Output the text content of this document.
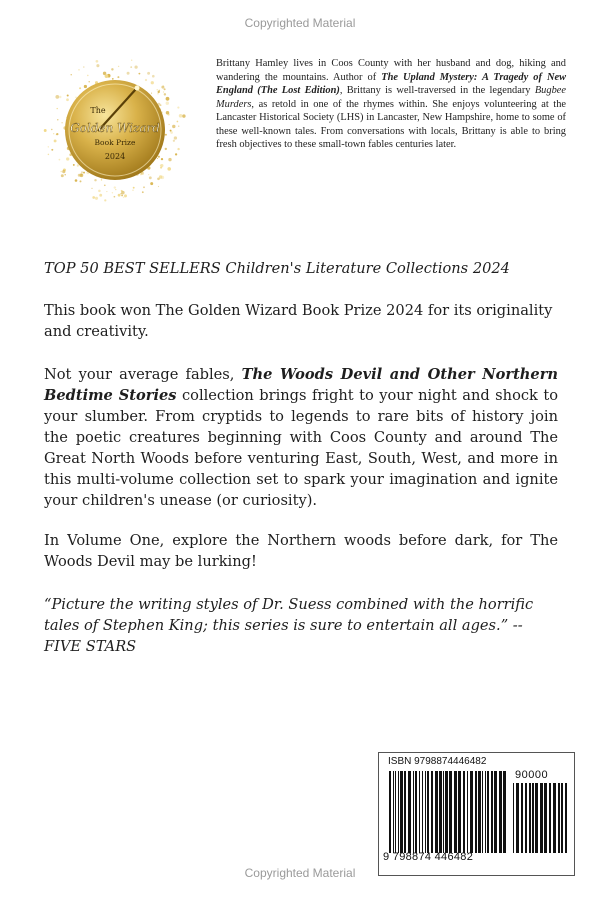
Copyrighted Material
The
Golden Wizard
Book Prize
2024
Brittany Hamley lives in Coos County with her husband and dog, hiking and wandering the mountains. Author of The Upland Mystery: A Tragedy of New England (The Lost Edition), Brittany is well-traversed in the legendary Bugbee Murders, as retold in one of the rhymes within. She enjoys volunteering at the Lancaster Historical Society (LHS) in Lancaster, New Hampshire, home to some of these well-known tales. From conversations with locals, Brittany is able to bring fresh objectives to these small-town fables centuries later.
TOP 50 BEST SELLERS Children's Literature Collections 2024
This book won The Golden Wizard Book Prize 2024 for its originality and creativity.
Not your average fables, The Woods Devil and Other Northern Bedtime Stories collection brings fright to your night and shock to your slumber. From cryptids to legends to rare bits of history join the poetic creatures beginning with Coos County and around The Great North Woods before venturing East, South, West, and more in this multi-volume collection set to spark your imagination and ignite your children's unease (or curiosity).
In Volume One, explore the Northern woods before dark, for The Woods Devil may be lurking!
“Picture the writing styles of Dr. Suess combined with the horrific tales of Stephen King; this series is sure to entertain all ages.” -- FIVE STARS
ISBN 9798874446482
90000
9 798874 446482
Copyrighted Material
